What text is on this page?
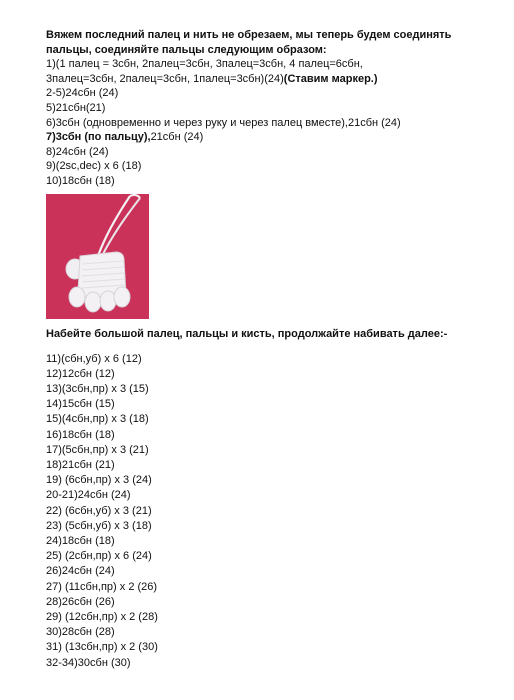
Вяжем последний палец и нить не обрезаем, мы теперь будем соединять
пальцы, соединяйте пальцы следующим образом:
1)(1 палец = 3сбн, 2палец=3сбн, 3палец=3сбн, 4 палец=6сбн,
3палец=3сбн, 2палец=3сбн, 1палец=3сбн)(24)(Ставим маркер.)
2-5)24сбн (24)
5)21сбн(21)
6)3сбн (одновременно и через руку и через палец вместе),21сбн (24)
7)3сбн (по пальцу),21сбн (24)
8)24сбн (24)
9)(2sc,dec) x 6 (18)
10)18сбн (18)
Набейте большой палец, пальцы и кисть, продолжайте набивать далее:-
11)(сбн,уб) х 6 (12)
12)12сбн (12)
13)(3сбн,пр) х 3 (15)
14)15сбн (15)
15)(4сбн,пр) х 3 (18)
16)18сбн (18)
17)(5сбн,пр) х 3 (21)
18)21сбн (21)
19) (6сбн,пр) х 3 (24)
20-21)24сбн (24)
22) (6сбн,уб) х 3 (21)
23) (5сбн,уб) х 3 (18)
24)18сбн (18)
25) (2сбн,пр) х 6 (24)
26)24сбн (24)
27) (11сбн,пр) х 2 (26)
28)26сбн (26)
29) (12сбн,пр) х 2 (28)
30)28сбн (28)
31) (13сбн,пр) х 2 (30)
32-34)30сбн (30)
